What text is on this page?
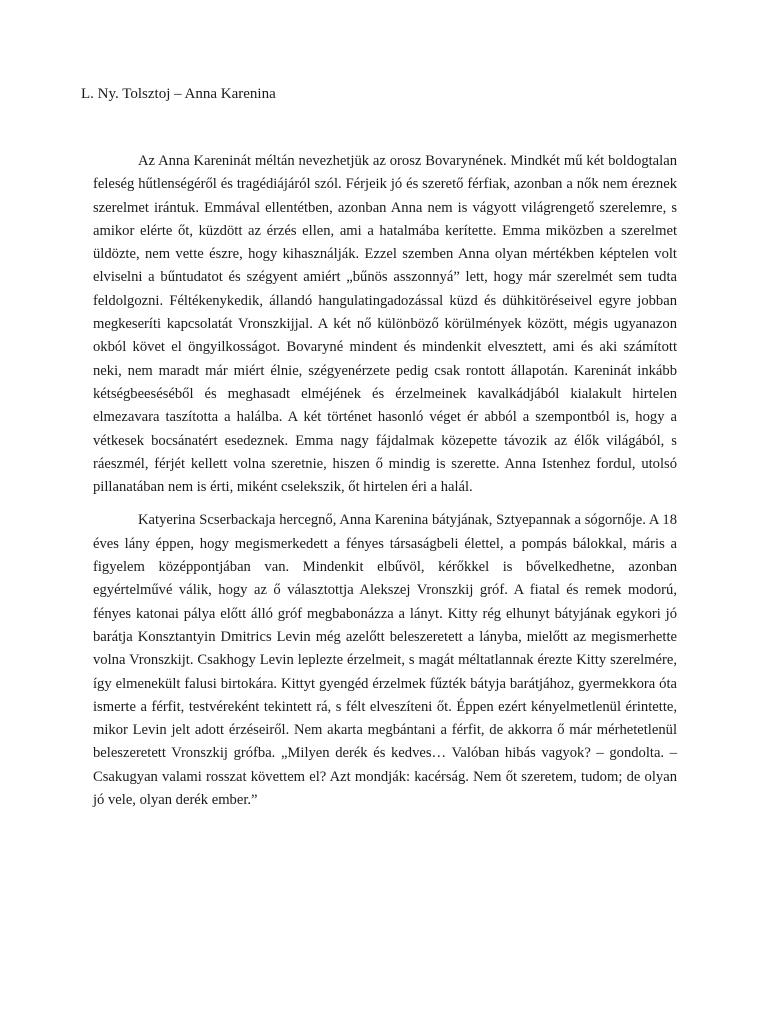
L. Ny. Tolsztoj – Anna Karenina

Az Anna Kareninát méltán nevezhetjük az orosz Bovarynének. Mindkét mű két boldogtalan feleség hűtlenségéről és tragédiájáról szól. Férjeik jó és szerető férfiak, azonban a nők nem éreznek szerelmet irántuk. Emmával ellentétben, azonban Anna nem is vágyott világrengető szerelemre, s amikor elérte őt, küzdött az érzés ellen, ami a hatalmába kerítette. Emma miközben a szerelmet üldözte, nem vette észre, hogy kihasználják. Ezzel szemben Anna olyan mértékben képtelen volt elviselni a bűntudatot és szégyent amiért „bűnös asszonnyá” lett, hogy már szerelmét sem tudta feldolgozni. Féltékenykedik, állandó hangulatingadozással küzd és dühkitöréseivel egyre jobban megkeseríti kapcsolatát Vronszkijjal. A két nő különböző körülmények között, mégis ugyanazon okból követ el öngyilkosságot. Bovaryné mindent és mindenkit elvesztett, ami és aki számított neki, nem maradt már miért élnie, szégyenérzete pedig csak rontott állapotán. Kareninát inkább kétségbeeséséből és meghasadt elméjének és érzelmeinek kavalkádjából kialakult hirtelen elmezavara taszította a halálba. A két történet hasonló véget ér abból a szempontból is, hogy a vétkesek bocsánatért esedeznek. Emma nagy fájdalmak közepette távozik az élők világából, s ráeszmél, férjét kellett volna szeretnie, hiszen ő mindig is szerette. Anna Istenhez fordul, utolsó pillanatában nem is érti, miként cselekszik, őt hirtelen éri a halál.

Katyerina Scserbackaja hercegnő, Anna Karenina bátyjának, Sztyepannak a sógornője. A 18 éves lány éppen, hogy megismerkedett a fényes társaságbeli élettel, a pompás bálokkal, máris a figyelem középpontjában van. Mindenkit elbűvöl, kérőkkel is bővelkedhetne, azonban egyértelművé válik, hogy az ő választottja Alekszej Vronszkij gróf. A fiatal és remek modorú, fényes katonai pálya előtt álló gróf megbabonázza a lányt. Kitty rég elhunyt bátyjának egykori jó barátja Konsztantyin Dmitrics Levin még azelőtt beleszeretett a lányba, mielőtt az megismerhette volna Vronszkijt. Csakhogy Levin leplezte érzelmeit, s magát méltatlannak érezte Kitty szerelmére, így elmenekült falusi birtokára. Kittyt gyengéd érzelmek fűzték bátyja barátjához, gyermekkora óta ismerte a férfit, testvéreként tekintett rá, s félt elveszíteni őt. Éppen ezért kényelmetlenül érintette, mikor Levin jelt adott érzéseiről. Nem akarta megbántani a férfit, de akkorra ő már mérhetetlenül beleszeretett Vronszkij grófba. „Milyen derék és kedves… Valóban hibás vagyok? – gondolta. – Csakugyan valami rosszat követtem el? Azt mondják: kacérság. Nem őt szeretem, tudom; de olyan jó vele, olyan derék ember.”
